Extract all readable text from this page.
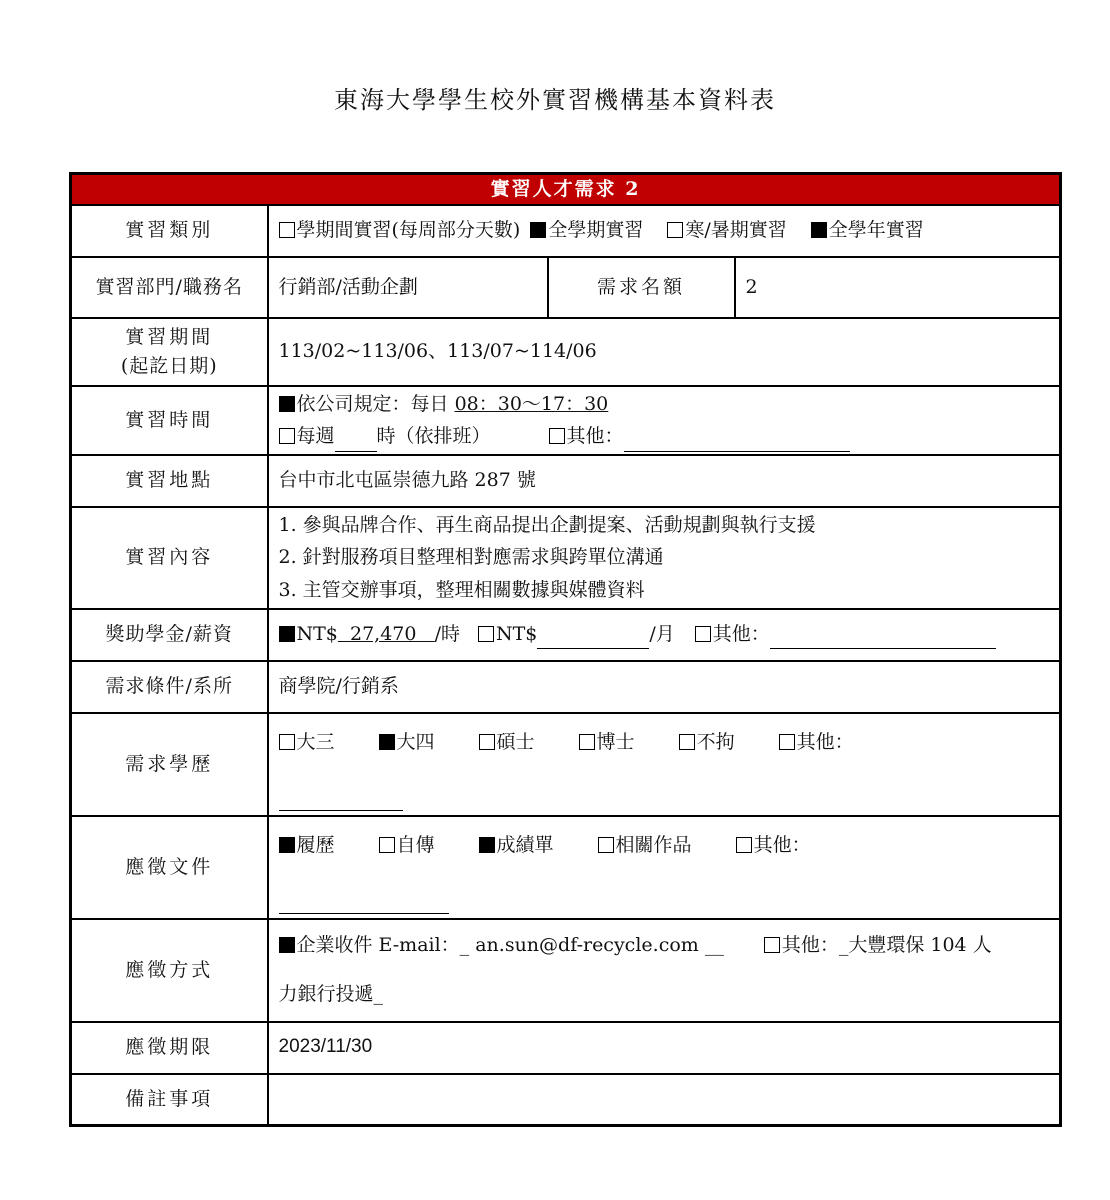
東海大學學生校外實習機構基本資料表
實習人才需求 2			
實習類別	學期間實習(每周部分天數) 全學期實習 寒/暑期實習 全學年實習		
實習部門/職務名	行銷部/活動企劃	需求名額	2

實習期間
(起訖日期)	113/02~113/06、113/07~114/06		
實習時間	依公司規定：每日 08：30～17：30
每週 時（依排班） 其他：		

實習地點	台中市北屯區崇德九路 287 號		
實習內容	1. 參與品牌合作、再生商品提出企劃提案、活動規劃與執行支援
2. 針對服務項目整理相對應需求與跨單位溝通
3. 主管交辦事項，整理相關數據與媒體資料		

獎助學金/薪資	NT$ 27,470 /時 NT$ /月 其他：		
需求條件/系所	商學院/行銷系		
需求學歷	大三 大四 碩士 博士 不拘 其他：		

應徵文件	履歷 自傳 成績單 相關作品 其他：		

應徵方式	企業收件 E-mail：_ an.sun@df-recycle.com __ 其他：_大豐環保 104 人
力銀行投遞_		

應徵期限	2023/11/30		
備註事項			
